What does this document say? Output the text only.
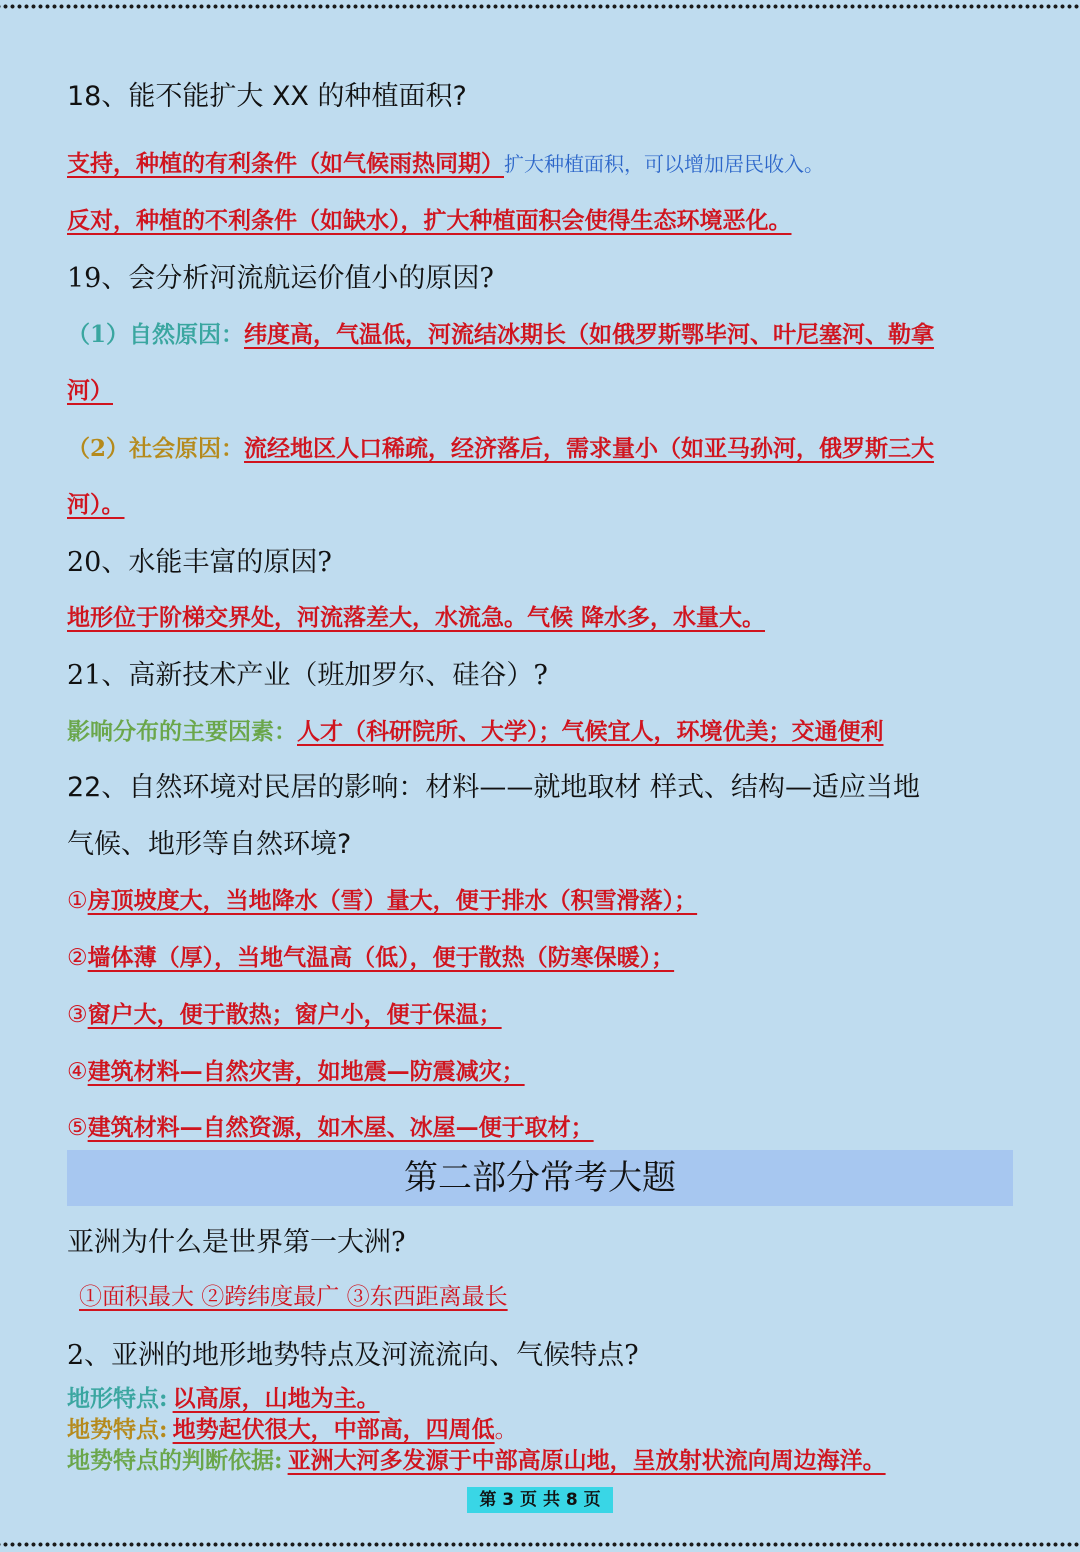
18、能不能扩大 XX 的种植面积?
支持，种植的有利条件（如气候雨热同期）扩大种植面积，可以增加居民收入。
反对，种植的不利条件（如缺水），扩大种植面积会使得生态环境恶化。
19、会分析河流航运价值小的原因?
（1）自然原因：纬度高，气温低，河流结冰期长（如俄罗斯鄂毕河、叶尼塞河、勒拿
河）
（2）社会原因：流经地区人口稀疏，经济落后，需求量小（如亚马孙河，俄罗斯三大
河）。
20、水能丰富的原因?
地形位于阶梯交界处，河流落差大，水流急。气候 降水多，水量大。
21、高新技术产业（班加罗尔、硅谷）?
影响分布的主要因素：人才（科研院所、大学）；气候宜人，环境优美；交通便利
22、自然环境对民居的影响：材料——就地取材 样式、结构—适应当地
气候、地形等自然环境?
①房顶坡度大，当地降水（雪）量大，便于排水（积雪滑落）；
②墙体薄（厚），当地气温高（低），便于散热（防寒保暖）；
③窗户大，便于散热；窗户小，便于保温；
④建筑材料—自然灾害，如地震—防震减灾；
⑤建筑材料—自然资源，如木屋、冰屋—便于取材；
第二部分常考大题
亚洲为什么是世界第一大洲?
①面积最大 ②跨纬度最广 ③东西距离最长
2、亚洲的地形地势特点及河流流向、气候特点?
地形特点: 以高原，山地为主。
地势特点: 地势起伏很大，中部高，四周低。
地势特点的判断依据: 亚洲大河多发源于中部高原山地，呈放射状流向周边海洋。
第 3 页 共 8 页
